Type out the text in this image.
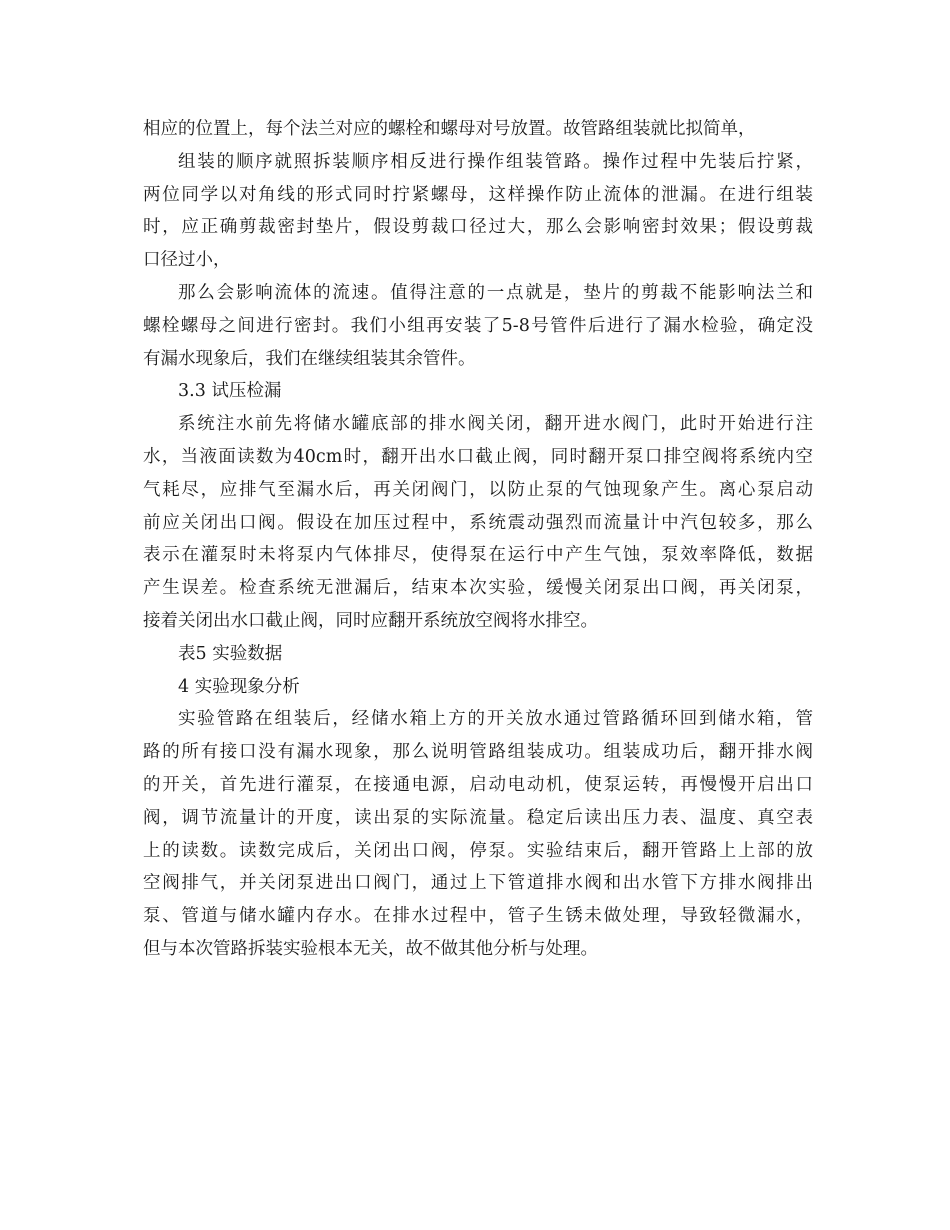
相应的位置上，每个法兰对应的螺栓和螺母对号放置。故管路组装就比拟简单，
组装的顺序就照拆装顺序相反进行操作组装管路。操作过程中先装后拧紧，
两位同学以对角线的形式同时拧紧螺母，这样操作防止流体的泄漏。在进行组装
时，应正确剪裁密封垫片，假设剪裁口径过大，那么会影响密封效果；假设剪裁
口径过小，
那么会影响流体的流速。值得注意的一点就是，垫片的剪裁不能影响法兰和
螺栓螺母之间进行密封。我们小组再安装了5-8号管件后进行了漏水检验，确定没
有漏水现象后，我们在继续组装其余管件。
3.3 试压检漏
系统注水前先将储水罐底部的排水阀关闭，翻开进水阀门，此时开始进行注
水，当液面读数为40cm时，翻开出水口截止阀，同时翻开泵口排空阀将系统内空
气耗尽，应排气至漏水后，再关闭阀门，以防止泵的气蚀现象产生。离心泵启动
前应关闭出口阀。假设在加压过程中，系统震动强烈而流量计中汽包较多，那么
表示在灌泵时未将泵内气体排尽，使得泵在运行中产生气蚀，泵效率降低，数据
产生误差。检查系统无泄漏后，结束本次实验，缓慢关闭泵出口阀，再关闭泵，
接着关闭出水口截止阀，同时应翻开系统放空阀将水排空。
表5 实验数据
4 实验现象分析
实验管路在组装后，经储水箱上方的开关放水通过管路循环回到储水箱，管
路的所有接口没有漏水现象，那么说明管路组装成功。组装成功后，翻开排水阀
的开关，首先进行灌泵，在接通电源，启动电动机，使泵运转，再慢慢开启出口
阀，调节流量计的开度，读出泵的实际流量。稳定后读出压力表、温度、真空表
上的读数。读数完成后，关闭出口阀，停泵。实验结束后，翻开管路上上部的放
空阀排气，并关闭泵进出口阀门，通过上下管道排水阀和出水管下方排水阀排出
泵、管道与储水罐内存水。在排水过程中，管子生锈未做处理，导致轻微漏水，
但与本次管路拆装实验根本无关，故不做其他分析与处理。
